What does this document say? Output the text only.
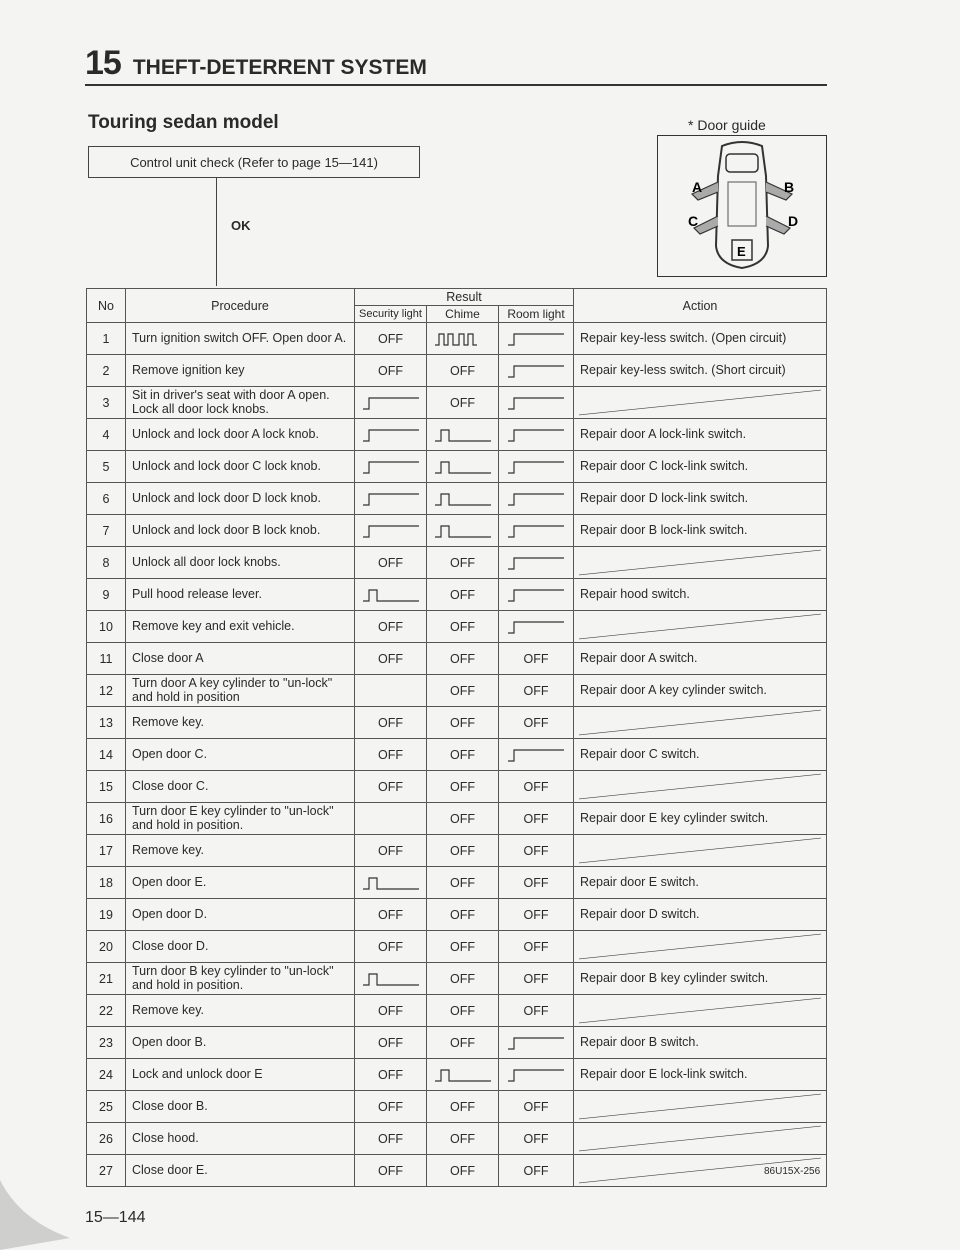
15 THEFT-DETERRENT SYSTEM
Touring sedan model
Control unit check (Refer to page 15—141)
OK
* Door guide
A	B
C	D
E
No	Procedure	Result			Action
		Security light	Chime	Room light	
1	Turn ignition switch OFF. Open door A.	OFF			Repair key-less switch. (Open circuit)
2	Remove ignition key	OFF	OFF		Repair key-less switch. (Short circuit)
3	Sit in driver's seat with door A open. Lock all door lock knobs.		OFF	

4	Unlock and lock door A lock knob.				Repair door A lock-link switch.
5	Unlock and lock door C lock knob.				Repair door C lock-link switch.
6	Unlock and lock door D lock knob.				Repair door D lock-link switch.
7	Unlock and lock door B lock knob.				Repair door B lock-link switch.
8	Unlock all door lock knobs.	OFF	OFF	

9	Pull hood release lever.		OFF		Repair hood switch.
10	Remove key and exit vehicle.	OFF	OFF	

11	Close door A	OFF	OFF	OFF	Repair door A switch.
12	Turn door A key cylinder to "un-lock" and hold in position		OFF	OFF	Repair door A key cylinder switch.
13	Remove key.	OFF	OFF	OFF	

14	Open door C.	OFF	OFF		Repair door C switch.
15	Close door C.	OFF	OFF	OFF	

16	Turn door E key cylinder to "un-lock" and hold in position.		OFF	OFF	Repair door E key cylinder switch.
17	Remove key.	OFF	OFF	OFF	

18	Open door E.		OFF	OFF	Repair door E switch.
19	Open door D.	OFF	OFF	OFF	Repair door D switch.
20	Close door D.	OFF	OFF	OFF	

21	Turn door B key cylinder to "un-lock" and hold in position.		OFF	OFF	Repair door B key cylinder switch.
22	Remove key.	OFF	OFF	OFF	

23	Open door B.	OFF	OFF		Repair door B switch.
24	Lock and unlock door E	OFF			Repair door E lock-link switch.
25	Close door B.	OFF	OFF	OFF	

26	Close hood.	OFF	OFF	OFF	

27	Close door E.	OFF	OFF	OFF		86U15X-256
15—144
